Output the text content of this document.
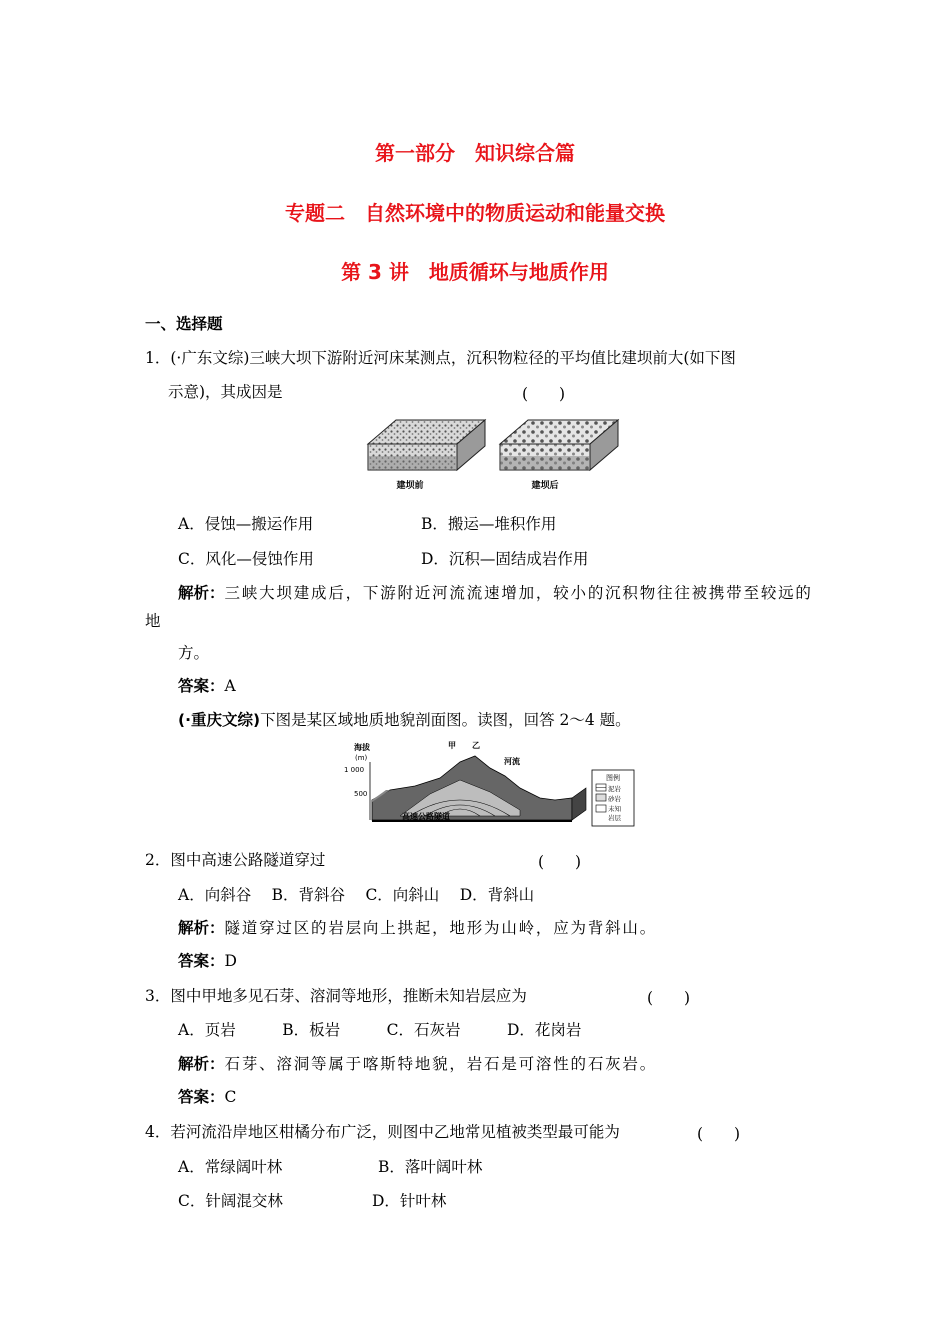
第一部分　知识综合篇
专题二　自然环境中的物质运动和能量交换
第 3 讲　地质循环与地质作用
一、选择题
1．(·广东文综)三峡大坝下游附近河床某测点，沉积物粒径的平均值比建坝前大(如下图
示意)，其成因是	(　　)
建坝前	建坝后
A．侵蚀—搬运作用	B．搬运—堆积作用
C．风化—侵蚀作用	D．沉积—固结成岩作用
解析：三峡大坝建成后，下游附近河流流速增加，较小的沉积物往往被携带至较远的
地
方。
答案：A
(·重庆文综)下图是某区域地质地貌剖面图。读图，回答 2～4 题。
海拔
(m)
1 000
500
甲 乙
河流
高速公路隧道
图例
泥岩
砂岩
未知
岩层
2．图中高速公路隧道穿过	(　　)
A．向斜谷　 B．背斜谷　 C．向斜山　 D．背斜山
解析：隧道穿过区的岩层向上拱起，地形为山岭，应为背斜山。
答案：D
3．图中甲地多见石芽、溶洞等地形，推断未知岩层应为	(　　)
A．页岩　　　B．板岩　　　C．石灰岩　　　D．花岗岩
解析：石芽、溶洞等属于喀斯特地貌，岩石是可溶性的石灰岩。
答案：C
4．若河流沿岸地区柑橘分布广泛，则图中乙地常见植被类型最可能为	(　　)
A．常绿阔叶林	B．落叶阔叶林
C．针阔混交林	D．针叶林
